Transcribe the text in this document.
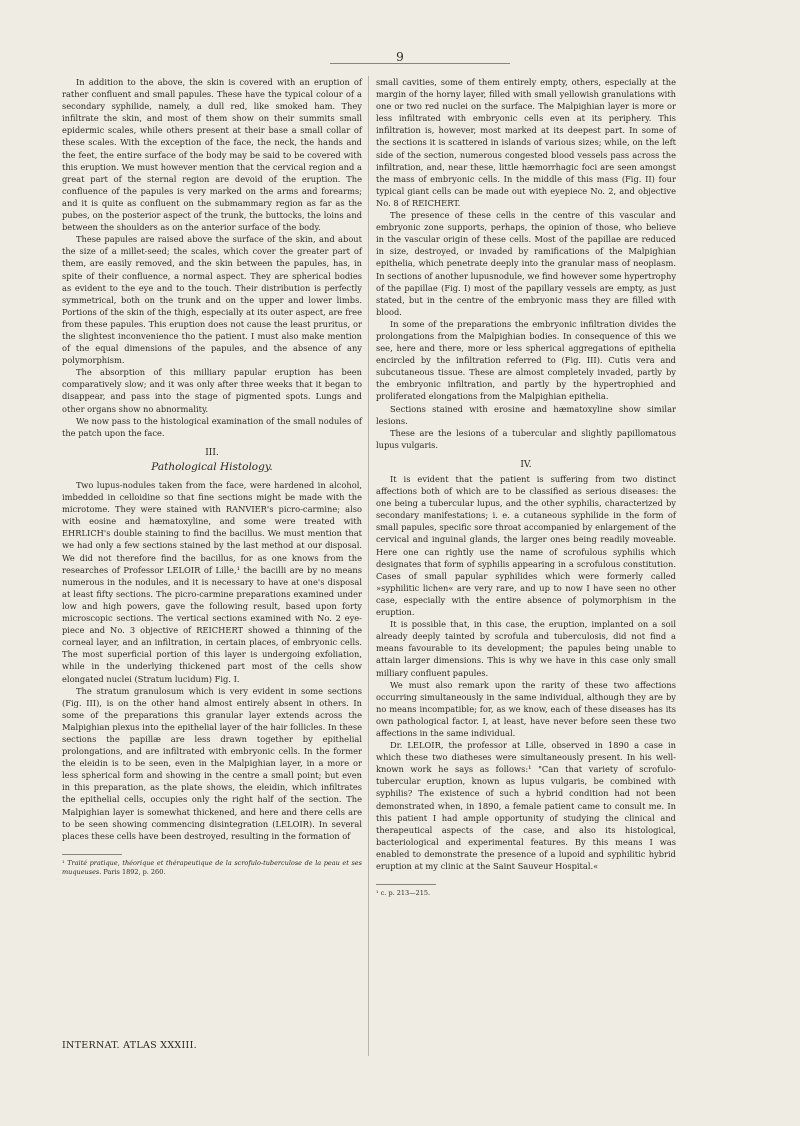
9

In addition to the above, the skin is covered with an eruption of rather confluent and small papules. These have the typical colour of a secondary syphilide, namely, a dull red, like smoked ham. They infiltrate the skin, and most of them show on their summits small epidermic scales, while others present at their base a small collar of these scales. With the exception of the face, the neck, the hands and the feet, the entire surface of the body may be said to be covered with this eruption. We must however mention that the cervical region and a great part of the sternal region are devoid of the eruption. The confluence of the papules is very marked on the arms and forearms; and it is quite as confluent on the submammary region as far as the pubes, on the posterior aspect of the trunk, the buttocks, the loins and between the shoulders as on the anterior surface of the body.

These papules are raised above the surface of the skin, and about the size of a millet-seed; the scales, which cover the greater part of them, are easily removed, and the skin between the papules, has, in spite of their confluence, a normal aspect. They are spherical bodies as evident to the eye and to the touch. Their distribution is perfectly symmetrical, both on the trunk and on the upper and lower limbs. Portions of the skin of the thigh, especially at its outer aspect, are free from these papules. This eruption does not cause the least pruritus, or the slightest inconvenience tho the patient. I must also make mention of the equal dimensions of the papules, and the absence of any polymorphism.

The absorption of this milliary papular eruption has been comparatively slow; and it was only after three weeks that it began to disappear, and pass into the stage of pigmented spots. Lungs and other organs show no abnormality.

We now pass to the histological examination of the small nodules of the patch upon the face.

III.
Pathological Histology.

Two lupus-nodules taken from the face, were hardened in alcohol, imbedded in celloidine so that fine sections might be made with the microtome. They were stained with RANVIER's picro-carmine; also with eosine and hæmatoxyline, and some were treated with EHRLICH's double staining to find the bacillus. We must mention that we had only a few sections stained by the last method at our disposal. We did not therefore find the bacillus, for as one knows from the researches of Professor LELOIR of Lille,¹ the bacilli are by no means numerous in the nodules, and it is necessary to have at one's disposal at least fifty sections. The picro-carmine preparations examined under low and high powers, gave the following result, based upon forty microscopic sections. The vertical sections examined with No. 2 eye-piece and No. 3 objective of REICHERT showed a thinning of the corneal layer, and an infiltration, in certain places, of embryonic cells. The most superficial portion of this layer is undergoing exfoliation, while in the underlying thickened part most of the cells show elongated nuclei (Stratum lucidum) Fig. I.

The stratum granulosum which is very evident in some sections (Fig. III), is on the other hand almost entirely absent in others. In some of the preparations this granular layer extends across the Malpighian plexus into the epithelial layer of the hair follicles. In these sections the papillæ are less drawn together by epithelial prolongations, and are infiltrated with embryonic cells. In the former the eleidin is to be seen, even in the Malpighian layer, in a more or less spherical form and showing in the centre a small point; but even in this preparation, as the plate shows, the eleidin, which infiltrates the epithelial cells, occupies only the right half of the section. The Malpighian layer is somewhat thickened, and here and there cells are to be seen showing commencing disintegration (LELOIR). In several places these cells have been destroyed, resulting in the formation of

¹ Traité pratique, théorique et thérapeutique de la scrofulo-tuberculose de la peau et ses muqueuses. Paris 1892, p. 260.

small cavities, some of them entirely empty, others, especially at the margin of the horny layer, filled with small yellowish granulations with one or two red nuclei on the surface. The Malpighian layer is more or less infiltrated with embryonic cells even at its periphery. This infiltration is, however, most marked at its deepest part. In some of the sections it is scattered in islands of various sizes; while, on the left side of the section, numerous congested blood vessels pass across the infiltration, and, near these, little hæmorrhagic foci are seen amongst the mass of embryonic cells. In the middle of this mass (Fig. II) four typical giant cells can be made out with eyepiece No. 2, and objective No. 8 of REICHERT.

The presence of these cells in the centre of this vascular and embryonic zone supports, perhaps, the opinion of those, who believe in the vascular origin of these cells. Most of the papillae are reduced in size, destroyed, or invaded by ramifications of the Malpighian epithelia, which penetrate deeply into the granular mass of neoplasm. In sections of another lupusnodule, we find however some hypertrophy of the papillae (Fig. I) most of the papillary vessels are empty, as just stated, but in the centre of the embryonic mass they are filled with blood.

In some of the preparations the embryonic infiltration divides the prolongations from the Malpighian bodies. In consequence of this we see, here and there, more or less spherical aggregations of epithelia encircled by the infiltration referred to (Fig. III). Cutis vera and subcutaneous tissue. These are almost completely invaded, partly by the embryonic infiltration, and partly by the hypertrophied and proliferated elongations from the Malpighian epithelia.

Sections stained with erosine and hæmatoxyline show similar lesions.

These are the lesions of a tubercular and slightly papillomatous lupus vulgaris.

IV.

It is evident that the patient is suffering from two distinct affections both of which are to be classified as serious diseases: the one being a tubercular lupus, and the other syphilis, characterized by secondary manifestations; i. e. a cutaneous syphilide in the form of small papules, specific sore throat accompanied by enlargement of the cervical and inguinal glands, the larger ones being readily moveable. Here one can rightly use the name of scrofulous syphilis which designates that form of syphilis appearing in a scrofulous constitution. Cases of small papular syphilides which were formerly called »syphilitic lichen« are very rare, and up to now I have seen no other case, especially with the entire absence of polymorphism in the eruption.

It is possible that, in this case, the eruption, implanted on a soil already deeply tainted by scrofula and tuberculosis, did not find a means favourable to its development; the papules being unable to attain larger dimensions. This is why we have in this case only small milliary confluent papules.

We must also remark upon the rarity of these two affections occurring simultaneously in the same individual, although they are by no means incompatible; for, as we know, each of these diseases has its own pathological factor. I, at least, have never before seen these two affections in the same individual.

Dr. LELOIR, the professor at Lille, observed in 1890 a case in which these two diatheses were simultaneously present. In his well-known work he says as follows:¹ "Can that variety of scrofulo-tubercular eruption, known as lupus vulgaris, be combined with syphilis? The existence of such a hybrid condition had not been demonstrated when, in 1890, a female patient came to consult me. In this patient I had ample opportunity of studying the clinical and therapeutical aspects of the case, and also its histological, bacteriological and experimental features. By this means I was enabled to demonstrate the presence of a lupoid and syphilitic hybrid eruption at my clinic at the Saint Sauveur Hospital.«

¹ c. p. 213—215.
INTERNAT. ATLAS XXXIII.
